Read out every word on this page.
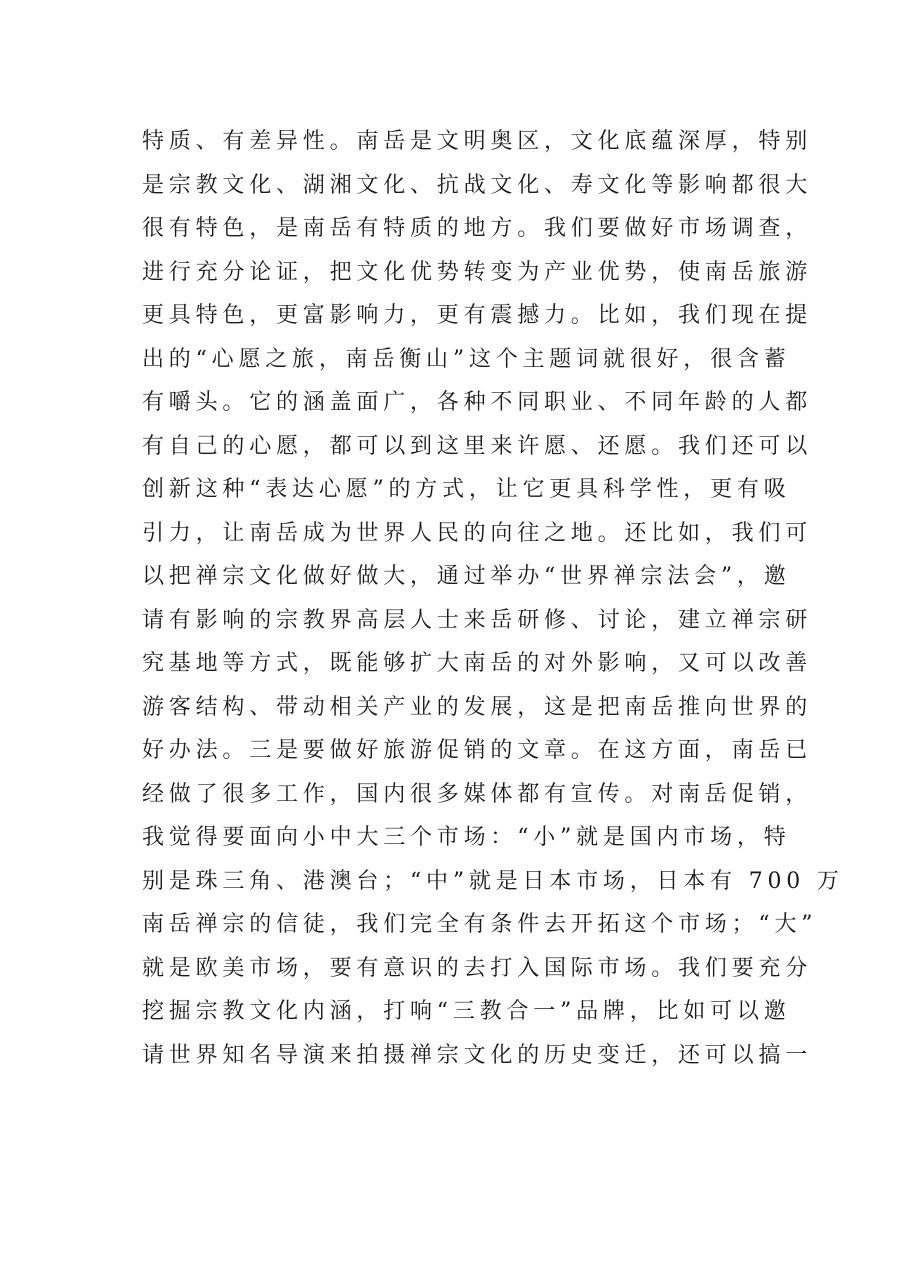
特质、有差异性。南岳是文明奥区，文化底蕴深厚，特别
是宗教文化、湖湘文化、抗战文化、寿文化等影响都很大
很有特色，是南岳有特质的地方。我们要做好市场调查，
进行充分论证，把文化优势转变为产业优势，使南岳旅游
更具特色，更富影响力，更有震撼力。比如，我们现在提
出的“心愿之旅，南岳衡山”这个主题词就很好，很含蓄
有嚼头。它的涵盖面广，各种不同职业、不同年龄的人都
有自己的心愿，都可以到这里来许愿、还愿。我们还可以
创新这种“表达心愿”的方式，让它更具科学性，更有吸
引力，让南岳成为世界人民的向往之地。还比如，我们可
以把禅宗文化做好做大，通过举办“世界禅宗法会”，邀
请有影响的宗教界高层人士来岳研修、讨论，建立禅宗研
究基地等方式，既能够扩大南岳的对外影响，又可以改善
游客结构、带动相关产业的发展，这是把南岳推向世界的
好办法。三是要做好旅游促销的文章。在这方面，南岳已
经做了很多工作，国内很多媒体都有宣传。对南岳促销，
我觉得要面向小中大三个市场：“小”就是国内市场，特
别是珠三角、港澳台；“中”就是日本市场，日本有 700 万
南岳禅宗的信徒，我们完全有条件去开拓这个市场；“大”
就是欧美市场，要有意识的去打入国际市场。我们要充分
挖掘宗教文化内涵，打响“三教合一”品牌，比如可以邀
请世界知名导演来拍摄禅宗文化的历史变迁，还可以搞一
